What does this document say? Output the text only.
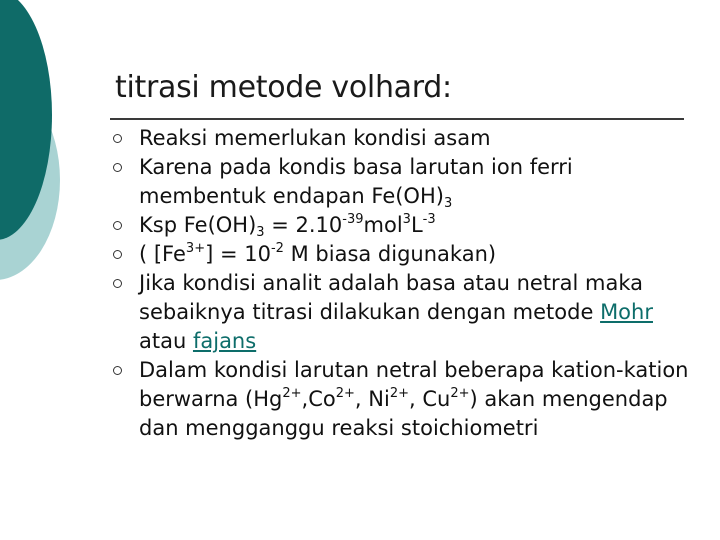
titrasi metode volhard:
Reaksi memerlukan kondisi asam
Karena pada kondis basa larutan ion ferri membentuk endapan $Fe(OH)_3$
Ksp $Fe(OH)_3 = 2.10^{-39}mol^3L^{-3}$
( $[Fe^{3+}] = 10^{-2}$ M biasa digunakan)
Jika kondisi analit adalah basa atau netral maka sebaiknya titrasi dilakukan dengan metode Mohr atau fajans
Dalam kondisi larutan netral beberapa kation-kation berwarna ($Hg^{2+},Co^{2+}$, $Ni^{2+}$, $Cu^{2+}$) akan mengendap dan mengganggu reaksi stoichiometri
